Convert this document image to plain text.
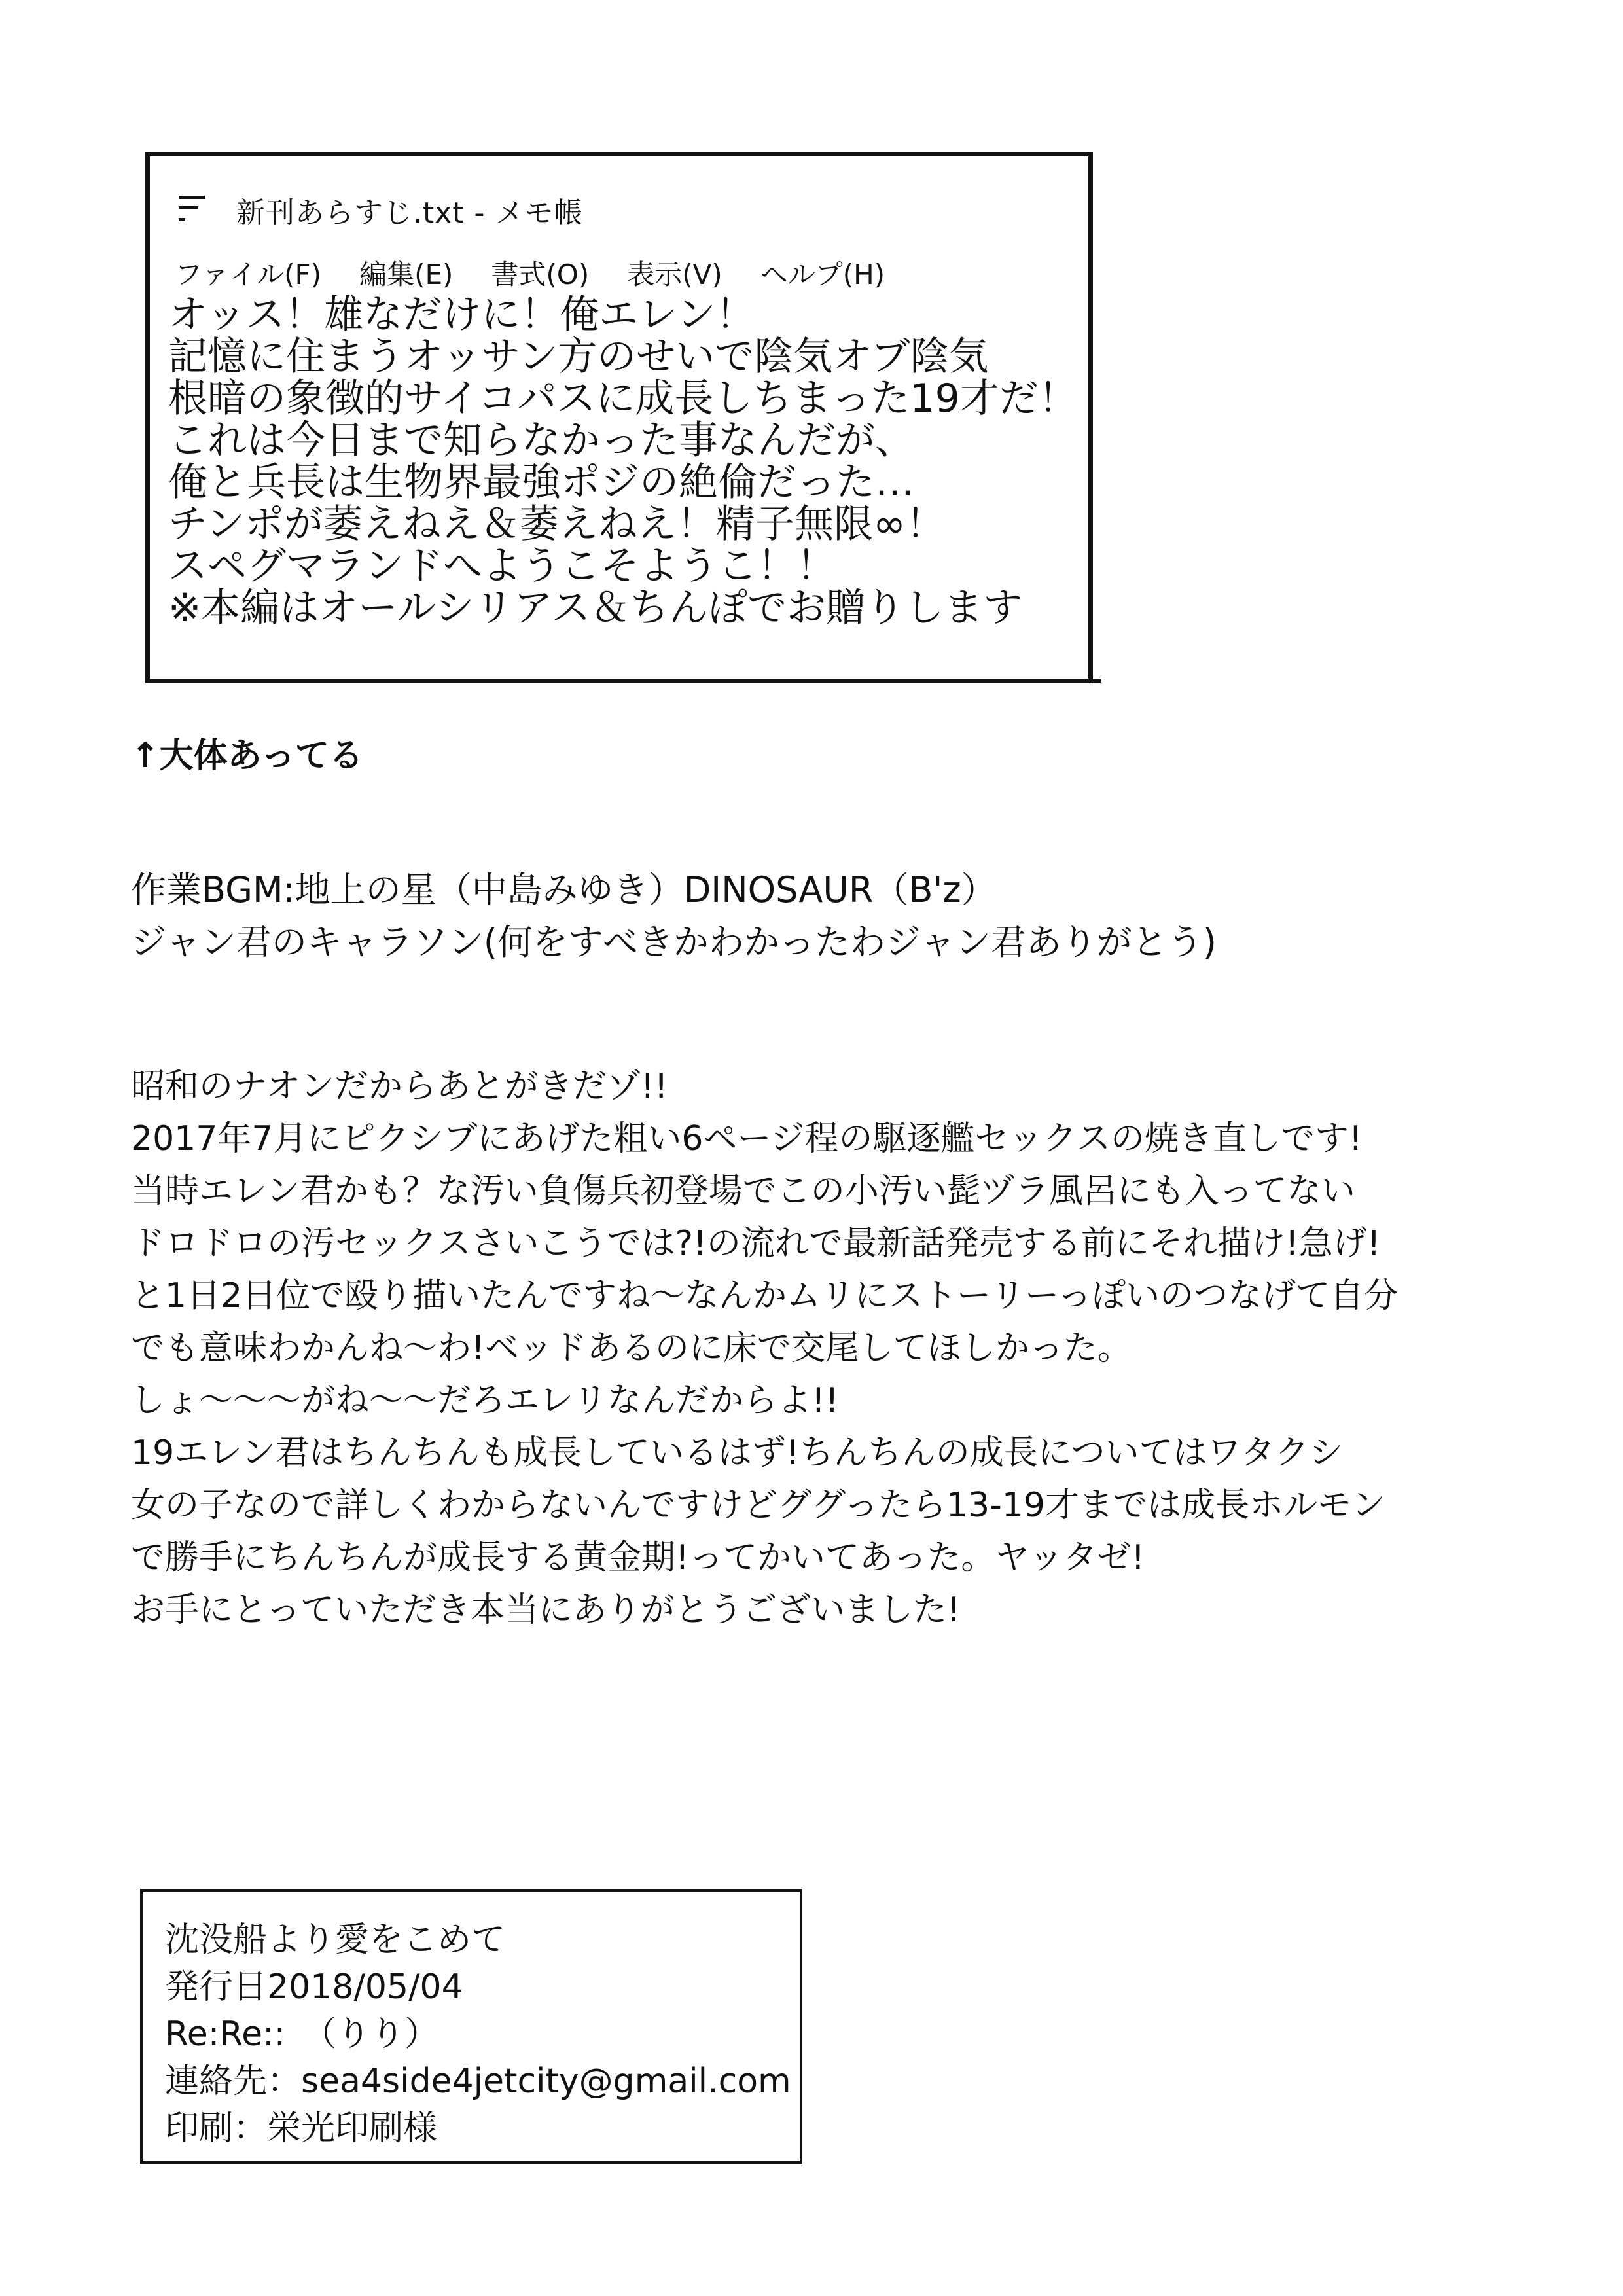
新刊あらすじ.txt - メモ帳
ファイル(F) 編集(E) 書式(O) 表示(V) ヘルプ(H)
オッス！雄なだけに！俺エレン！
記憶に住まうオッサン方のせいで陰気オブ陰気
根暗の象徴的サイコパスに成長しちまった19才だ！
これは今日まで知らなかった事なんだが、
俺と兵長は生物界最強ポジの絶倫だった…
チンポが萎えねえ＆萎えねえ！精子無限∞！
スペグマランドへようこそようこ！！
※本編はオールシリアス＆ちんぽでお贈りします
↑大体あってる
作業BGM:地上の星（中島みゆき）DINOSAUR（B'z）
ジャン君のキャラソン(何をすべきかわかったわジャン君ありがとう)
昭和のナオンだからあとがきだゾ!!
2017年7月にピクシブにあげた粗い6ページ程の駆逐艦セックスの焼き直しです!
当時エレン君かも？な汚い負傷兵初登場でこの小汚い髭ヅラ風呂にも入ってない
ドロドロの汚セックスさいこうでは?!の流れで最新話発売する前にそれ描け!急げ!
と1日2日位で殴り描いたんですね～なんかムリにストーリーっぽいのつなげて自分
でも意味わかんね～わ!ベッドあるのに床で交尾してほしかった。
しょ～～～がね～～だろエレリなんだからよ!!
19エレン君はちんちんも成長しているはず!ちんちんの成長についてはワタクシ
女の子なので詳しくわからないんですけどググったら13-19才までは成長ホルモン
で勝手にちんちんが成長する黄金期!ってかいてあった。ヤッタゼ!
お手にとっていただき本当にありがとうございました!
沈没船より愛をこめて
発行日2018/05/04
Re:Re::　（りり）
連絡先：sea4side4jetcity@gmail.com
印刷：栄光印刷様
